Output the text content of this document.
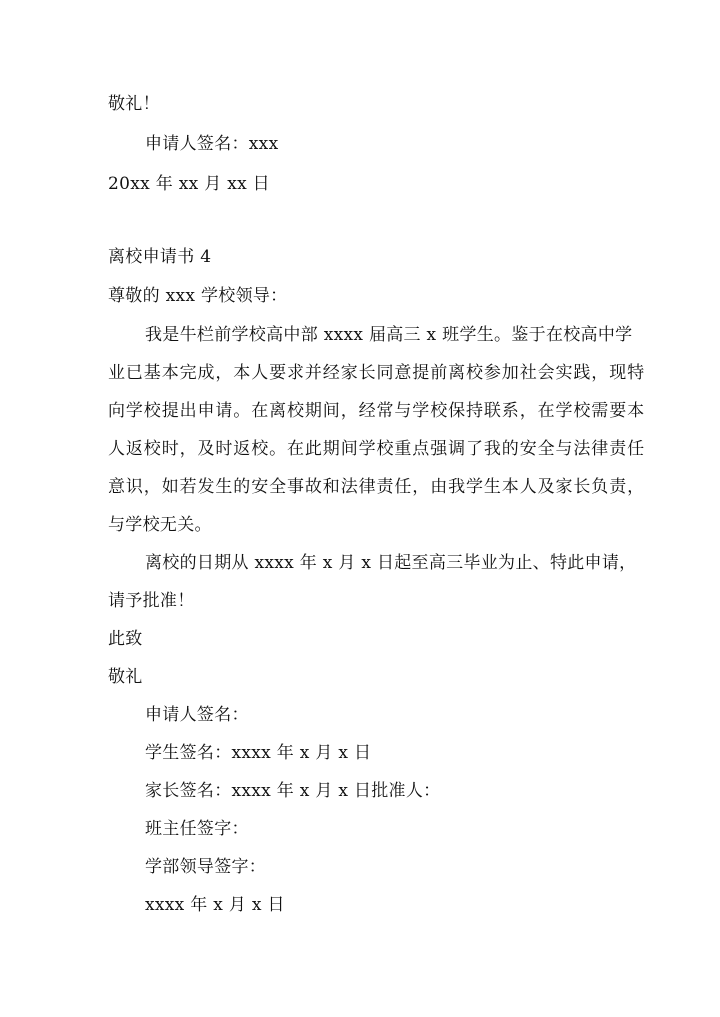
敬礼！
申请人签名：xxx
20xx 年 xx 月 xx 日
离校申请书 4
尊敬的 xxx 学校领导：
我是牛栏前学校高中部 xxxx 届高三 x 班学生。鉴于在校高中学
业已基本完成，本人要求并经家长同意提前离校参加社会实践，现特
向学校提出申请。在离校期间，经常与学校保持联系，在学校需要本
人返校时，及时返校。在此期间学校重点强调了我的安全与法律责任
意识，如若发生的安全事故和法律责任，由我学生本人及家长负责，
与学校无关。
离校的日期从 xxxx 年 x 月 x 日起至高三毕业为止、特此申请，
请予批准！
此致
敬礼
申请人签名：
学生签名：xxxx 年 x 月 x 日
家长签名：xxxx 年 x 月 x 日批准人：
班主任签字：
学部领导签字：
xxxx 年 x 月 x 日
